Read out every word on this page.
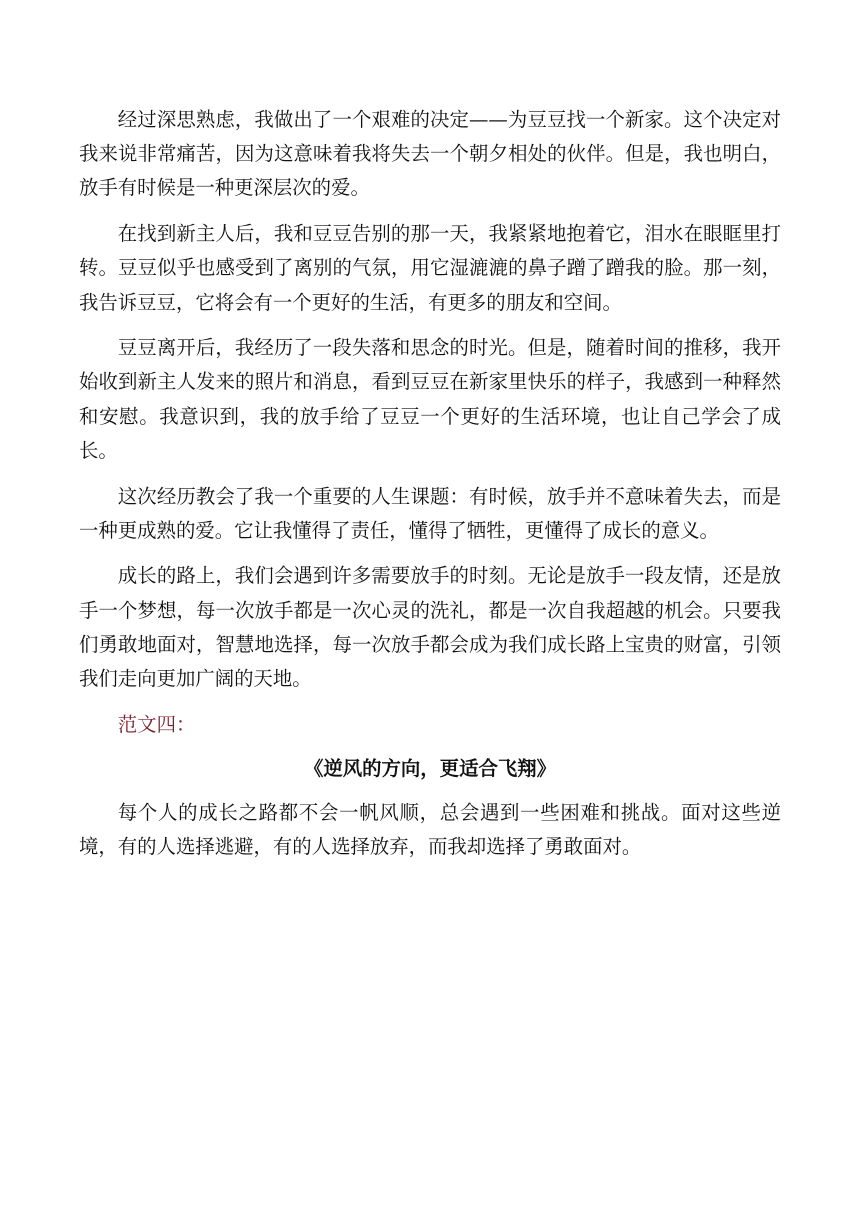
经过深思熟虑，我做出了一个艰难的决定——为豆豆找一个新家。这个决定对我来说非常痛苦，因为这意味着我将失去一个朝夕相处的伙伴。但是，我也明白，放手有时候是一种更深层次的爱。

在找到新主人后，我和豆豆告别的那一天，我紧紧地抱着它，泪水在眼眶里打转。豆豆似乎也感受到了离别的气氛，用它湿漉漉的鼻子蹭了蹭我的脸。那一刻，我告诉豆豆，它将会有一个更好的生活，有更多的朋友和空间。

豆豆离开后，我经历了一段失落和思念的时光。但是，随着时间的推移，我开始收到新主人发来的照片和消息，看到豆豆在新家里快乐的样子，我感到一种释然和安慰。我意识到，我的放手给了豆豆一个更好的生活环境，也让自己学会了成长。

这次经历教会了我一个重要的人生课题：有时候，放手并不意味着失去，而是一种更成熟的爱。它让我懂得了责任，懂得了牺牲，更懂得了成长的意义。

成长的路上，我们会遇到许多需要放手的时刻。无论是放手一段友情，还是放手一个梦想，每一次放手都是一次心灵的洗礼，都是一次自我超越的机会。只要我们勇敢地面对，智慧地选择，每一次放手都会成为我们成长路上宝贵的财富，引领我们走向更加广阔的天地。

范文四：

《逆风的方向，更适合飞翔》

每个人的成长之路都不会一帆风顺，总会遇到一些困难和挑战。面对这些逆境，有的人选择逃避，有的人选择放弃，而我却选择了勇敢面对。
